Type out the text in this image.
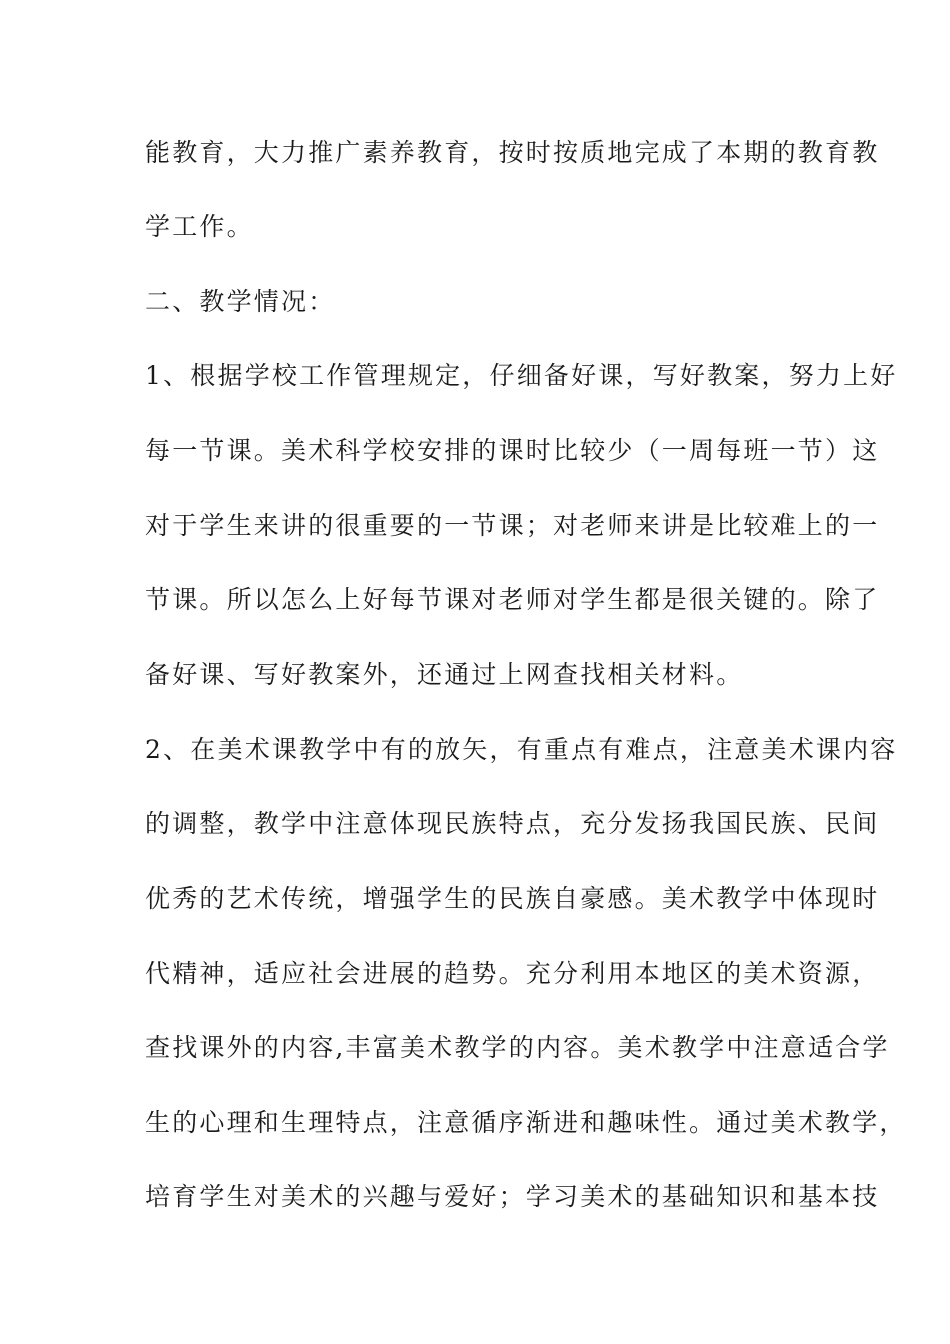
能教育，大力推广素养教育，按时按质地完成了本期的教育教
学工作。
二、教学情况：
1、根据学校工作管理规定，仔细备好课，写好教案，努力上好
每一节课。美术科学校安排的课时比较少（一周每班一节）这
对于学生来讲的很重要的一节课；对老师来讲是比较难上的一
节课。所以怎么上好每节课对老师对学生都是很关键的。除了
备好课、写好教案外，还通过上网查找相关材料。
2、在美术课教学中有的放矢，有重点有难点，注意美术课内容
的调整，教学中注意体现民族特点，充分发扬我国民族、民间
优秀的艺术传统，增强学生的民族自豪感。美术教学中体现时
代精神，适应社会进展的趋势。充分利用本地区的美术资源，
查找课外的内容,丰富美术教学的内容。美术教学中注意适合学
生的心理和生理特点，注意循序渐进和趣味性。通过美术教学，
培育学生对美术的兴趣与爱好；学习美术的基础知识和基本技
